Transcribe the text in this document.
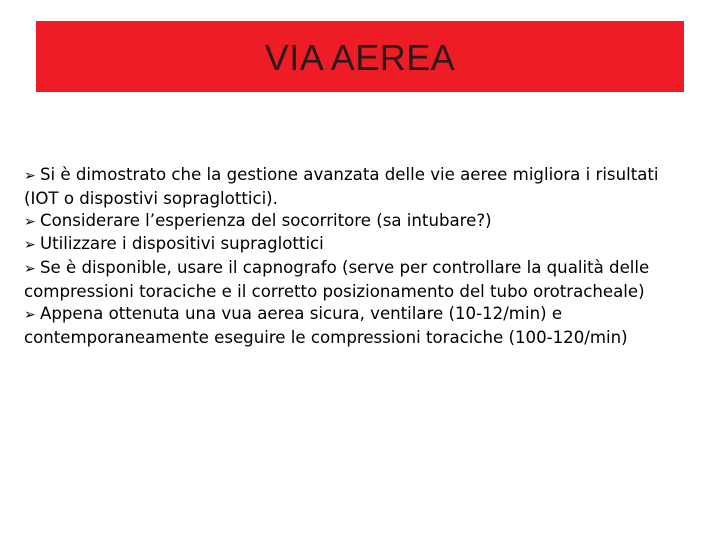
VIA AEREA

➢ Si è dimostrato che la gestione avanzata delle vie aeree migliora i risultati (IOT o dispostivi sopraglottici).

➢ Considerare l’esperienza del socorritore (sa intubare?)

➢ Utilizzare i dispositivi supraglottici

➢ Se è disponible, usare il capnografo (serve per controllare la qualità delle compressioni toraciche e il corretto posizionamento del tubo orotracheale)

➢ Appena ottenuta una vua aerea sicura, ventilare (10-12/min) e contemporaneamente eseguire le compressioni toraciche (100-120/min)
